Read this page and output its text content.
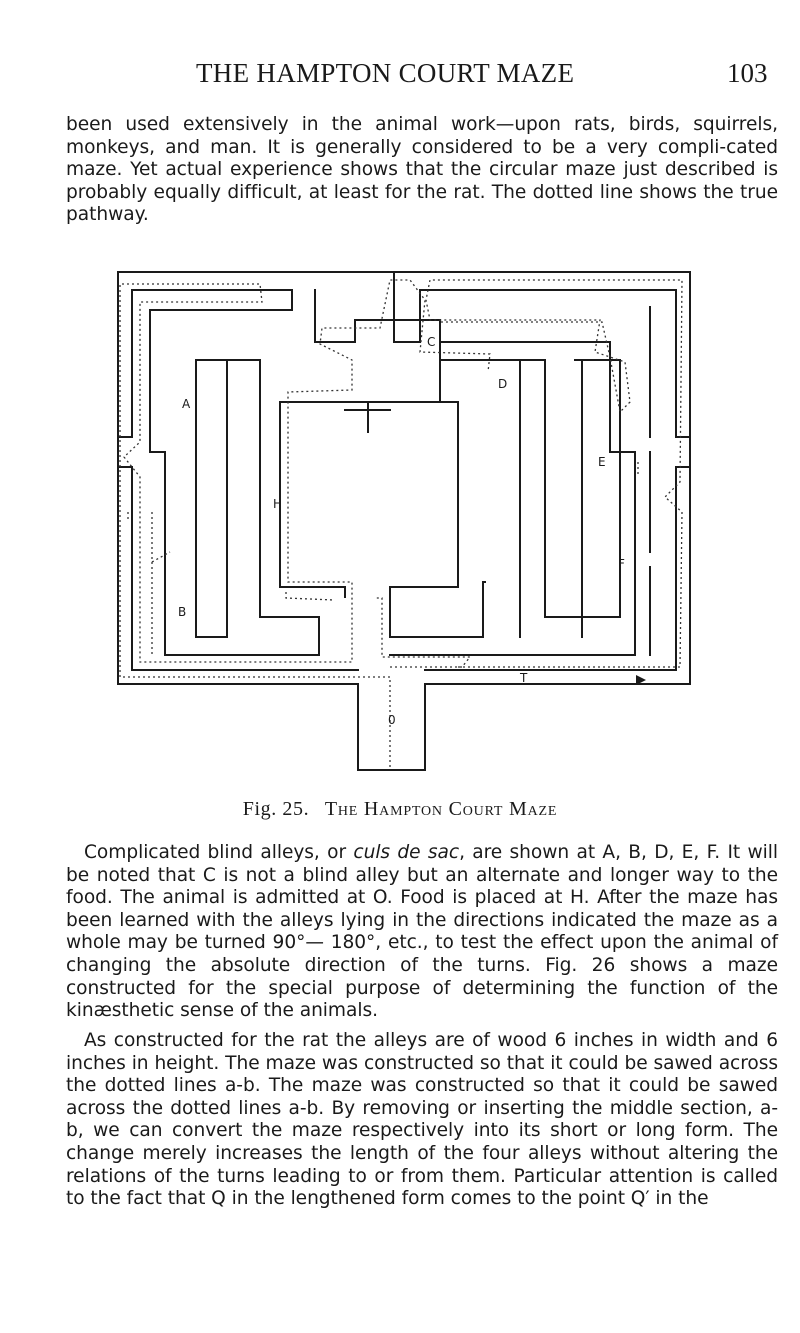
THE HAMPTON COURT MAZE	103

been used extensively in the animal work—upon rats, birds, squirrels, monkeys, and man. It is generally considered to be a very compli-cated maze. Yet actual experience shows that the circular maze just described is probably equally difficult, at least for the rat. The dotted line shows the true pathway.

A
B
C
D
E
F
H
T
0
Fig. 25. The Hampton Court Maze

Complicated blind alleys, or culs de sac, are shown at A, B, D, E, F. It will be noted that C is not a blind alley but an alternate and longer way to the food. The animal is admitted at O. Food is placed at H. After the maze has been learned with the alleys lying in the directions indicated the maze as a whole may be turned 90°— 180°, etc., to test the effect upon the animal of changing the absolute direction of the turns. Fig. 26 shows a maze constructed for the special purpose of determining the function of the kinæsthetic sense of the animals.

As constructed for the rat the alleys are of wood 6 inches in width and 6 inches in height. The maze was constructed so that it could be sawed across the dotted lines a-b. The maze was constructed so that it could be sawed across the dotted lines a-b. By removing or inserting the middle section, a-b, we can convert the maze respectively into its short or long form. The change merely increases the length of the four alleys without altering the relations of the turns leading to or from them. Particular attention is called to the fact that Q in the lengthened form comes to the point Q′ in the
